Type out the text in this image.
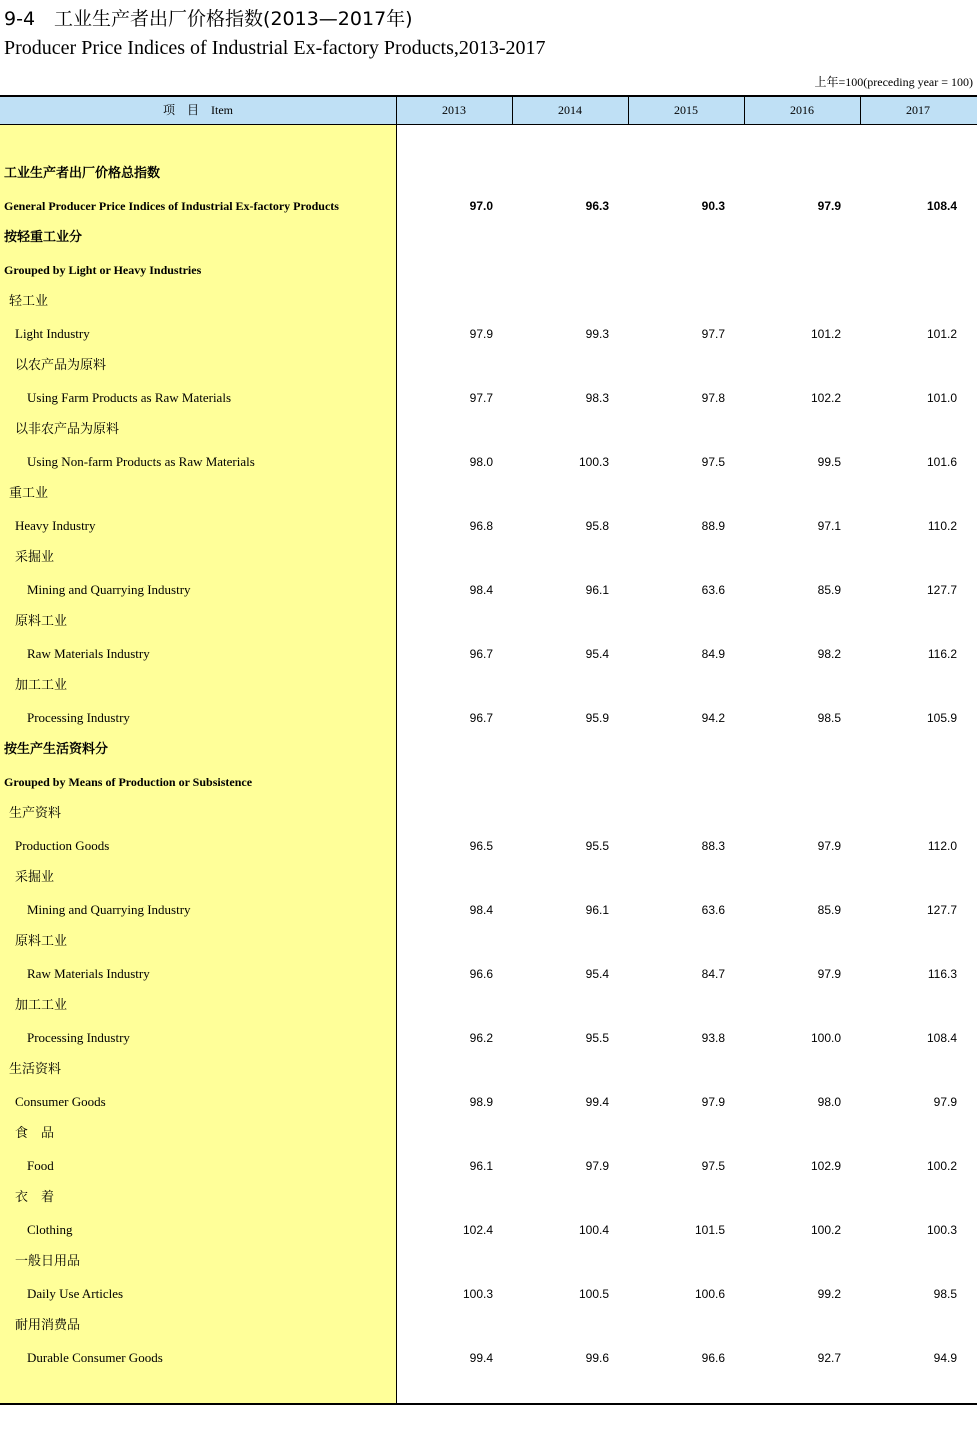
9-4　工业生产者出厂价格指数(2013—2017年)
Producer Price Indices of Industrial Ex-factory Products,2013-2017
上年=100(preceding year = 100)
项　目　Item	2013	2014	2015	2016	2017
工业生产者出厂价格总指数
General Producer Price Indices of Industrial Ex-factory Products	97.0	96.3	90.3	97.9	108.4
按轻重工业分
Grouped by Light or Heavy Industries
轻工业
Light Industry	97.9	99.3	97.7	101.2	101.2
以农产品为原料
Using Farm Products as Raw Materials	97.7	98.3	97.8	102.2	101.0
以非农产品为原料
Using Non-farm Products as Raw Materials	98.0	100.3	97.5	99.5	101.6
重工业
Heavy Industry	96.8	95.8	88.9	97.1	110.2
采掘业
Mining and Quarrying Industry	98.4	96.1	63.6	85.9	127.7
原料工业
Raw Materials Industry	96.7	95.4	84.9	98.2	116.2
加工工业
Processing Industry	96.7	95.9	94.2	98.5	105.9
按生产生活资料分
Grouped by Means of Production or Subsistence
生产资料
Production Goods	96.5	95.5	88.3	97.9	112.0
采掘业
Mining and Quarrying Industry	98.4	96.1	63.6	85.9	127.7
原料工业
Raw Materials Industry	96.6	95.4	84.7	97.9	116.3
加工工业
Processing Industry	96.2	95.5	93.8	100.0	108.4
生活资料
Consumer Goods	98.9	99.4	97.9	98.0	97.9
食　品
Food	96.1	97.9	97.5	102.9	100.2
衣　着
Clothing	102.4	100.4	101.5	100.2	100.3
一般日用品
Daily Use Articles	100.3	100.5	100.6	99.2	98.5
耐用消费品
Durable Consumer Goods	99.4	99.6	96.6	92.7	94.9
